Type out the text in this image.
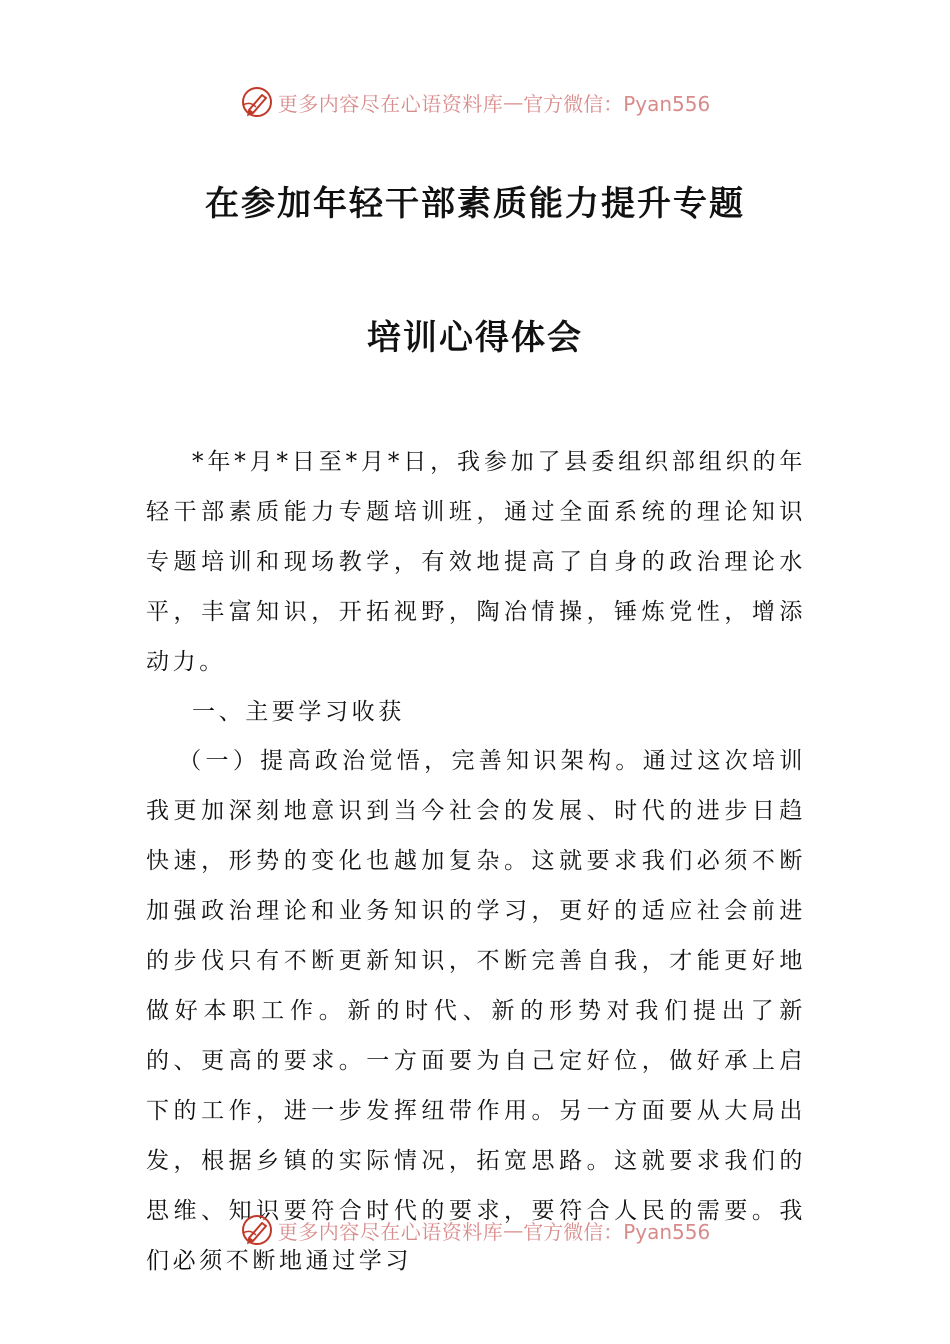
更多内容尽在心语资料库 — 官方微信：Pyan556
在参加年轻干部素质能力提升专题
培训心得体会

*年*月*日至*月*日，我参加了县委组织部组织的年轻干部素质能力专题培训班，通过全面系统的理论知识专题培训和现场教学，有效地提高了自身的政治理论水平，丰富知识，开拓视野，陶冶情操，锤炼党性，增添动力。

一、主要学习收获

（一）提高政治觉悟，完善知识架构。通过这次培训我更加深刻地意识到当今社会的发展、时代的进步日趋快速，形势的变化也越加复杂。这就要求我们必须不断加强政治理论和业务知识的学习，更好的适应社会前进的步伐只有不断更新知识，不断完善自我，才能更好地做好本职工作。新的时代、新的形势对我们提出了新的、更高的要求。一方面要为自己定好位，做好承上启下的工作，进一步发挥纽带作用。另一方面要从大局出发，根据乡镇的实际情况，拓宽思路。这就要求我们的思维、知识要符合时代的要求，要符合人民的需要。我们必须不断地通过学习

更多内容尽在心语资料库 — 官方微信：Pyan556
